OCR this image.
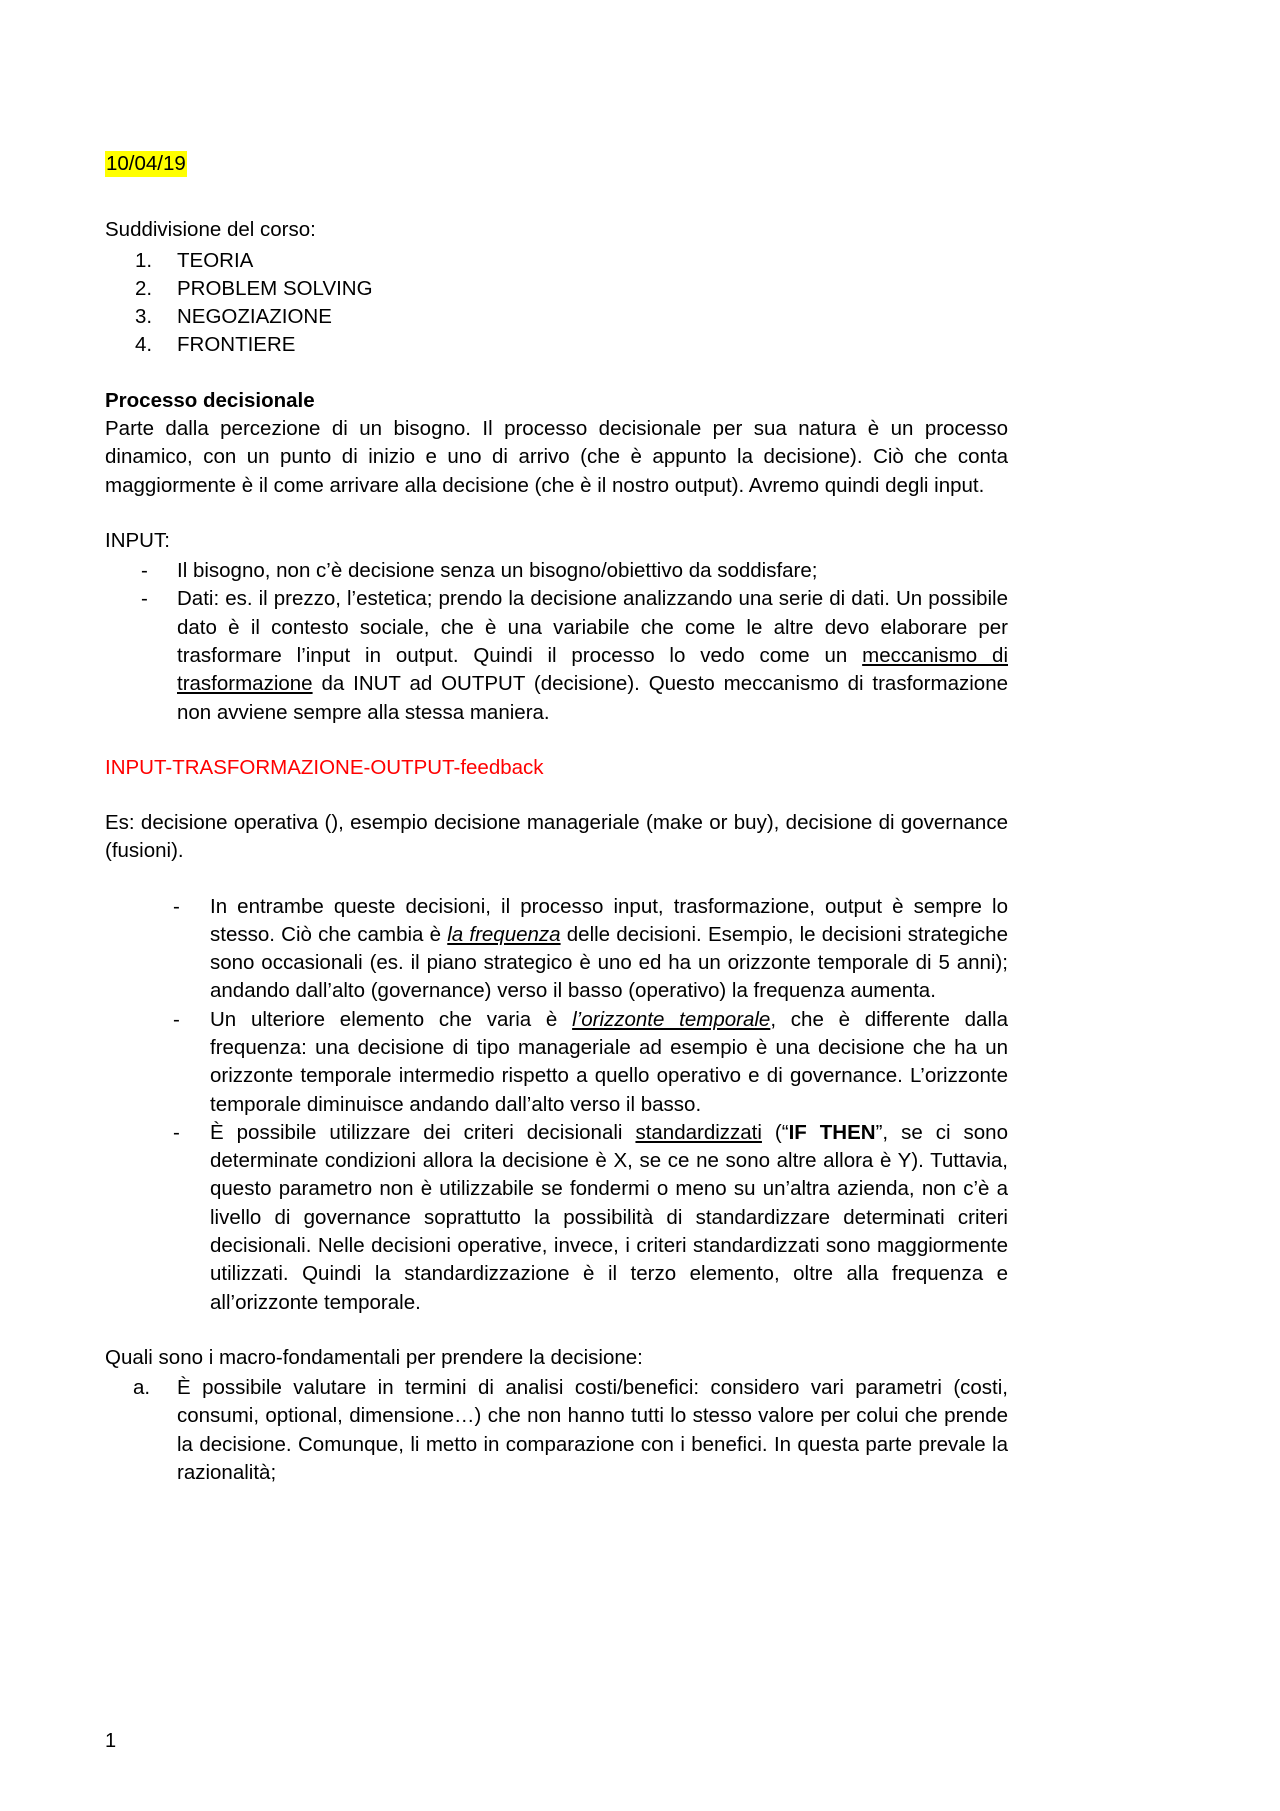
10/04/19

Suddivisione del corso:

1.	TEORIA
2.	PROBLEM SOLVING
3.	NEGOZIAZIONE
4.	FRONTIERE

Processo decisionale

Parte dalla percezione di un bisogno. Il processo decisionale per sua natura è un processo dinamico, con un punto di inizio e uno di arrivo (che è appunto la decisione). Ciò che conta maggiormente è il come arrivare alla decisione (che è il nostro output). Avremo quindi degli input.

INPUT:

-	Il bisogno, non c’è decisione senza un bisogno/obiettivo da soddisfare;
-	Dati: es. il prezzo, l’estetica; prendo la decisione analizzando una serie di dati. Un possibile dato è il contesto sociale, che è una variabile che come le altre devo elaborare per trasformare l’input in output. Quindi il processo lo vedo come un meccanismo di trasformazione da INUT ad OUTPUT (decisione). Questo meccanismo di trasformazione non avviene sempre alla stessa maniera.

INPUT-TRASFORMAZIONE-OUTPUT-feedback

Es: decisione operativa (), esempio decisione manageriale (make or buy), decisione di governance (fusioni).

-	In entrambe queste decisioni, il processo input, trasformazione, output è sempre lo stesso. Ciò che cambia è la frequenza delle decisioni. Esempio, le decisioni strategiche sono occasionali (es. il piano strategico è uno ed ha un orizzonte temporale di 5 anni); andando dall’alto (governance) verso il basso (operativo) la frequenza aumenta.
-	Un ulteriore elemento che varia è l’orizzonte temporale, che è differente dalla frequenza: una decisione di tipo manageriale ad esempio è una decisione che ha un orizzonte temporale intermedio rispetto a quello operativo e di governance. L’orizzonte temporale diminuisce andando dall’alto verso il basso.
-	È possibile utilizzare dei criteri decisionali standardizzati (“IF THEN”, se ci sono determinate condizioni allora la decisione è X, se ce ne sono altre allora è Y). Tuttavia, questo parametro non è utilizzabile se fondermi o meno su un’altra azienda, non c’è a livello di governance soprattutto la possibilità di standardizzare determinati criteri decisionali. Nelle decisioni operative, invece, i criteri standardizzati sono maggiormente utilizzati. Quindi la standardizzazione è il terzo elemento, oltre alla frequenza e all’orizzonte temporale.

Quali sono i macro-fondamentali per prendere la decisione:

a.	È possibile valutare in termini di analisi costi/benefici: considero vari parametri (costi, consumi, optional, dimensione…) che non hanno tutti lo stesso valore per colui che prende la decisione. Comunque, li metto in comparazione con i benefici. In questa parte prevale la razionalità;
1
